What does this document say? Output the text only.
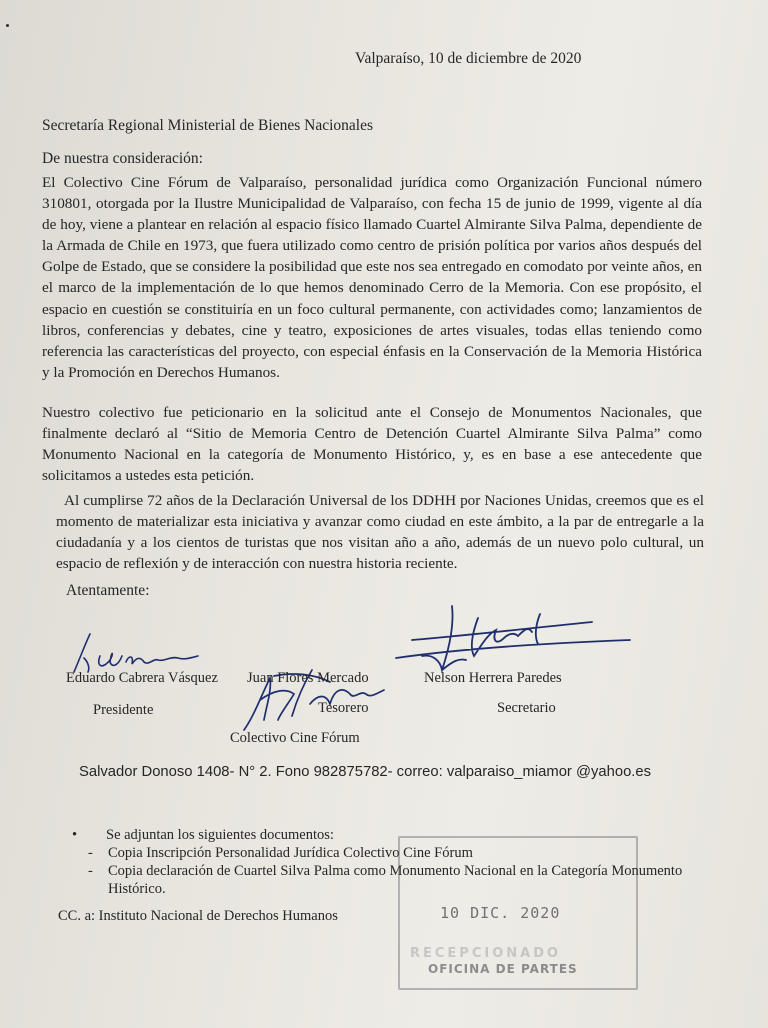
Valparaíso, 10 de diciembre de 2020
Secretaría Regional Ministerial de Bienes Nacionales
De nuestra consideración:
El Colectivo Cine Fórum de Valparaíso, personalidad jurídica como Organización Funcional número 310801, otorgada por la Ilustre Municipalidad de Valparaíso, con fecha 15 de junio de 1999, vigente al día de hoy, viene a plantear en relación al espacio físico llamado Cuartel Almirante Silva Palma, dependiente de la Armada de Chile en 1973, que fuera utilizado como centro de prisión política por varios años después del Golpe de Estado, que se considere la posibilidad que este nos sea entregado en comodato por veinte años, en el marco de la implementación de lo que hemos denominado Cerro de la Memoria. Con ese propósito, el espacio en cuestión se constituiría en un foco cultural permanente, con actividades como; lanzamientos de libros, conferencias y debates, cine y teatro, exposiciones de artes visuales, todas ellas teniendo como referencia las características del proyecto, con especial énfasis en la Conservación de la Memoria Histórica y la Promoción en Derechos Humanos.
Nuestro colectivo fue peticionario en la solicitud ante el Consejo de Monumentos Nacionales, que finalmente declaró al “Sitio de Memoria Centro de Detención Cuartel Almirante Silva Palma” como Monumento Nacional en la categoría de Monumento Histórico, y, es en base a ese antecedente que solicitamos a ustedes esta petición.
Al cumplirse 72 años de la Declaración Universal de los DDHH por Naciones Unidas, creemos que es el momento de materializar esta iniciativa y avanzar como ciudad en este ámbito, a la par de entregarle a la ciudadanía y a los cientos de turistas que nos visitan año a año, además de un nuevo polo cultural, un espacio de reflexión y de interacción con nuestra historia reciente.
Atentamente:
Eduardo Cabrera Vásquez Juan Flores Mercado	Nelson Herrera Paredes
Presidente	Tesorero	Secretario
Colectivo Cine Fórum
Salvador Donoso 1408- N° 2. Fono 982875782- correo: valparaiso_miamor @yahoo.es
• Se adjuntan los siguientes documentos:
- Copia Inscripción Personalidad Jurídica Colectivo Cine Fórum
- Copia declaración de Cuartel Silva Palma como Monumento Nacional en la Categoría Monumento Histórico.
CC. a: Instituto Nacional de Derechos Humanos	10 DIC. 2020
RECEPCIONADO
OFICINA DE PARTES
